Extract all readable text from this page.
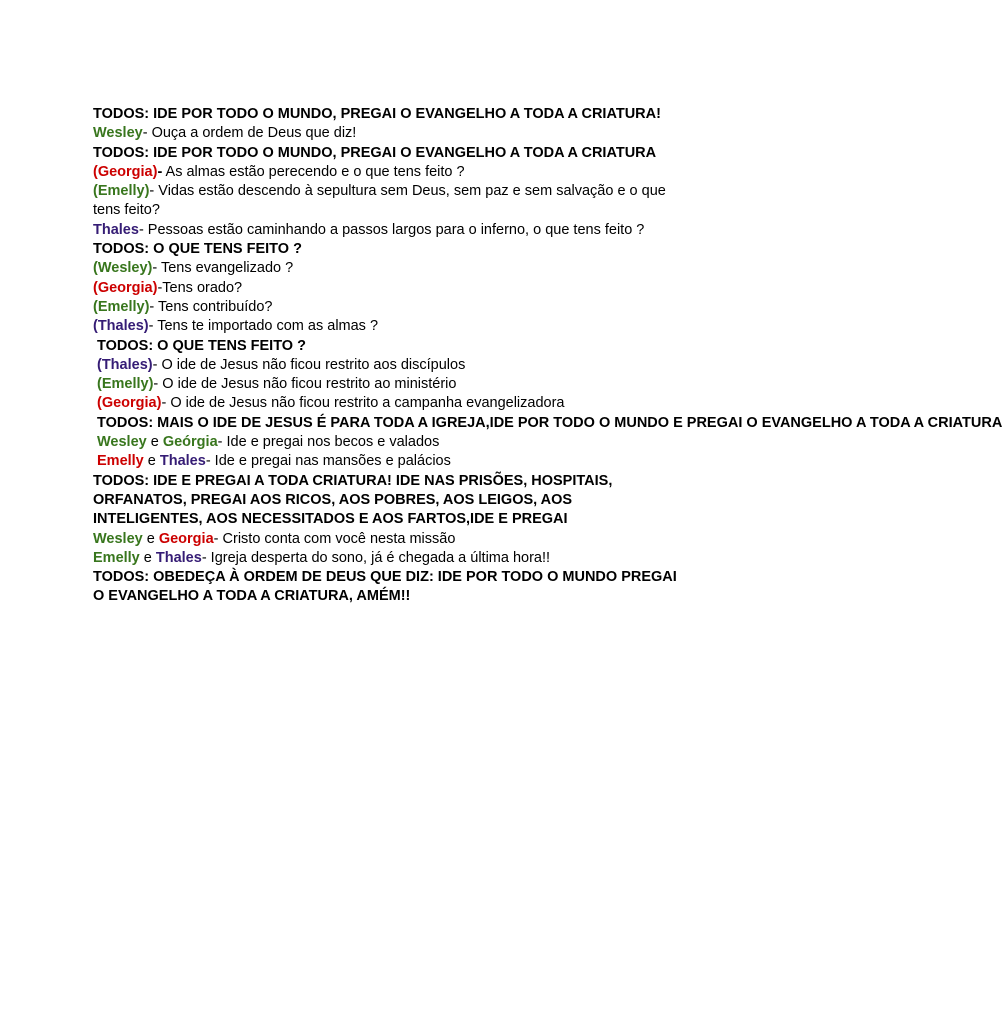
TODOS: IDE POR TODO O MUNDO, PREGAI O EVANGELHO A TODA A CRIATURA!

Wesley- Ouça a ordem de Deus que diz!

TODOS: IDE POR TODO O MUNDO, PREGAI O EVANGELHO A TODA A CRIATURA

(Georgia)- As almas estão perecendo e o que tens feito ?

(Emelly)- Vidas estão descendo à sepultura sem Deus, sem paz e sem salvação e o que tens feito?

Thales- Pessoas estão caminhando a passos largos para o inferno, o que tens feito ?

TODOS: O QUE TENS FEITO ?

(Wesley)- Tens evangelizado ?

(Georgia)-Tens orado?

(Emelly)- Tens contribuído?

(Thales)- Tens te importado com as almas ?

TODOS: O QUE TENS FEITO ?

(Thales)- O ide de Jesus não ficou restrito aos discípulos

(Emelly)- O ide de Jesus não ficou restrito ao ministério

(Georgia)- O ide de Jesus não ficou restrito a campanha evangelizadora

TODOS: MAIS O IDE DE JESUS É PARA TODA A IGREJA,IDE POR TODO O MUNDO E PREGAI O EVANGELHO A TODA A CRIATURA

Wesley e Geórgia- Ide e pregai nos becos e valados

Emelly e Thales- Ide e pregai nas mansões e palácios

TODOS: IDE E PREGAI A TODA CRIATURA! IDE NAS PRISÕES, HOSPITAIS, ORFANATOS, PREGAI AOS RICOS, AOS POBRES, AOS LEIGOS, AOS INTELIGENTES, AOS NECESSITADOS E AOS FARTOS,IDE E PREGAI

Wesley e Georgia- Cristo conta com você nesta missão

Emelly e Thales- Igreja desperta do sono, já é chegada a última hora!!

TODOS: OBEDEÇA À ORDEM DE DEUS QUE DIZ: IDE POR TODO O MUNDO PREGAI O EVANGELHO A TODA A CRIATURA, AMÉM!!
